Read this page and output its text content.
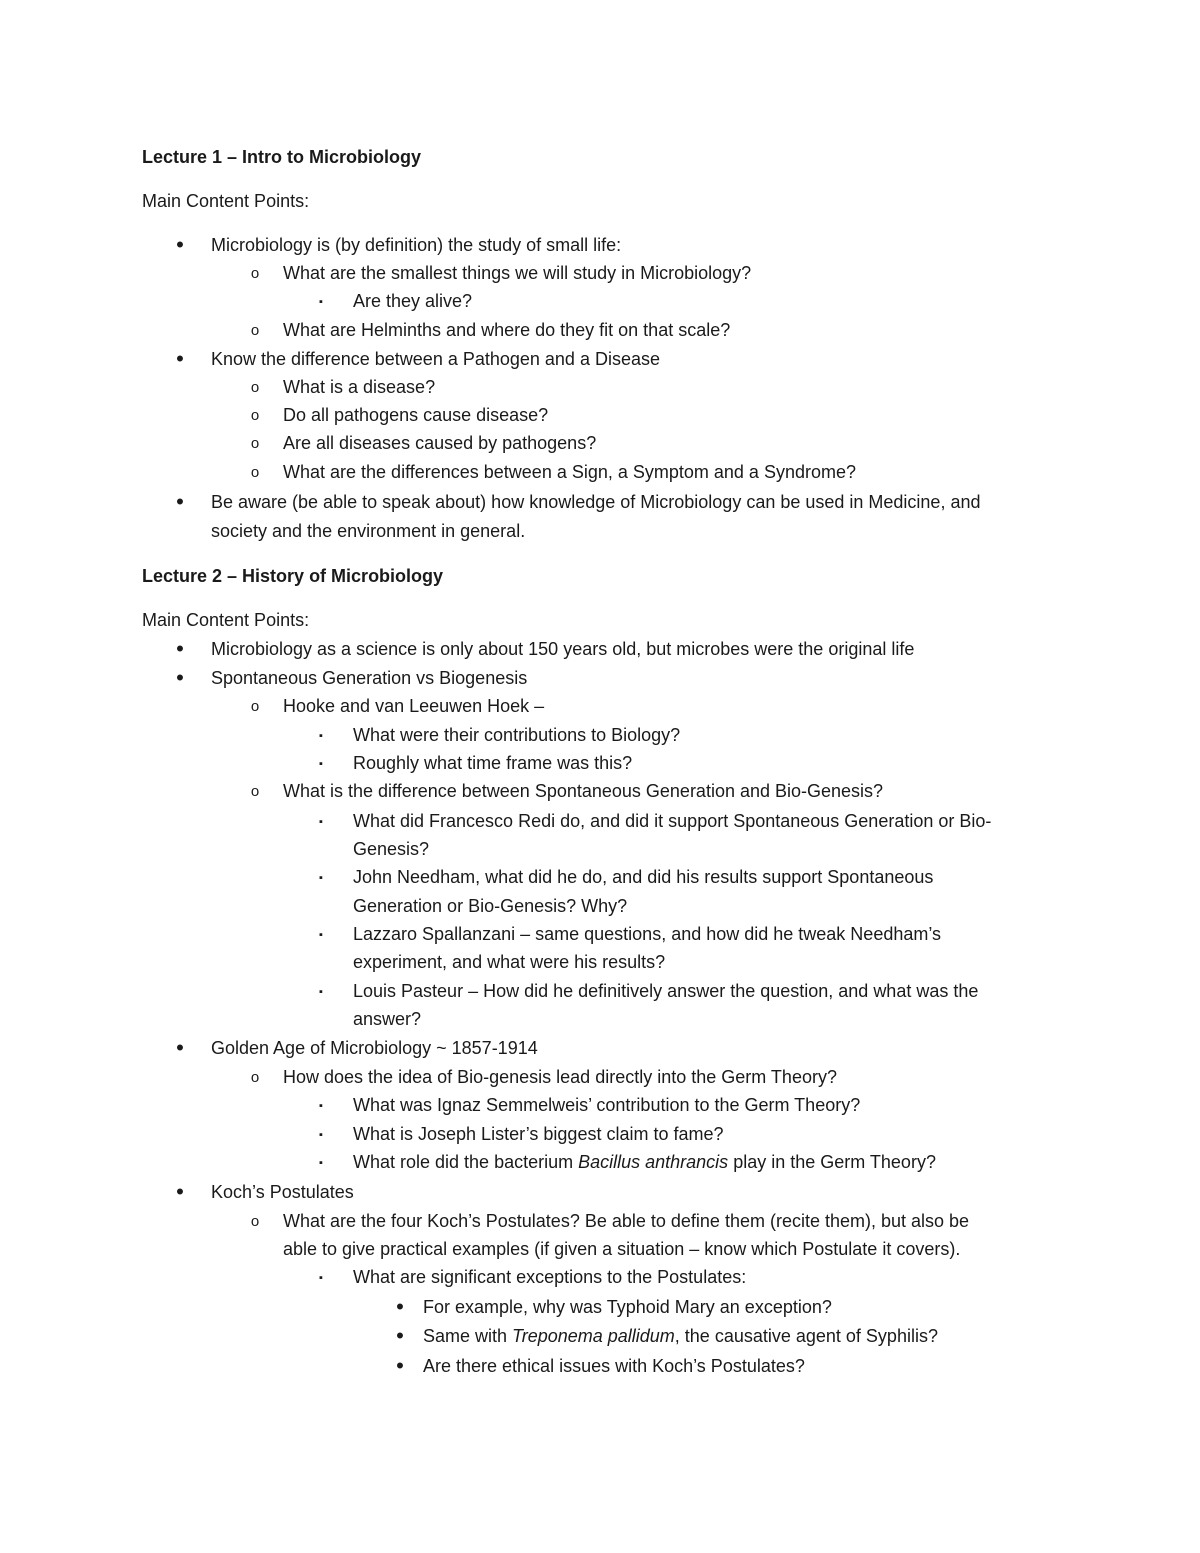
Lecture 1 – Intro to Microbiology
Main Content Points:
•	Microbiology is (by definition) the study of small life:
o	What are the smallest things we will study in Microbiology?
▪	Are they alive?
o	What are Helminths and where do they fit on that scale?
•	Know the difference between a Pathogen and a Disease
o	What is a disease?
o	Do all pathogens cause disease?
o	Are all diseases caused by pathogens?
o	What are the differences between a Sign, a Symptom and a Syndrome?
•	Be aware (be able to speak about) how knowledge of Microbiology can be used in Medicine, and
society and the environment in general.
Lecture 2 – History of Microbiology
Main Content Points:
•	Microbiology as a science is only about 150 years old, but microbes were the original life
•	Spontaneous Generation vs Biogenesis
o	Hooke and van Leeuwen Hoek –
▪	What were their contributions to Biology?
▪	Roughly what time frame was this?
o	What is the difference between Spontaneous Generation and Bio-Genesis?
▪	What did Francesco Redi do, and did it support Spontaneous Generation or Bio-
Genesis?
▪	John Needham, what did he do, and did his results support Spontaneous
Generation or Bio-Genesis? Why?
▪	Lazzaro Spallanzani – same questions, and how did he tweak Needham’s
experiment, and what were his results?
▪	Louis Pasteur – How did he definitively answer the question, and what was the
answer?
•	Golden Age of Microbiology ~ 1857-1914
o	How does the idea of Bio-genesis lead directly into the Germ Theory?
▪	What was Ignaz Semmelweis’ contribution to the Germ Theory?
▪	What is Joseph Lister’s biggest claim to fame?
▪	What role did the bacterium Bacillus anthrancis play in the Germ Theory?
•	Koch’s Postulates
o	What are the four Koch’s Postulates? Be able to define them (recite them), but also be
able to give practical examples (if given a situation – know which Postulate it covers).
▪	What are significant exceptions to the Postulates:
•	For example, why was Typhoid Mary an exception?
•	Same with Treponema pallidum, the causative agent of Syphilis?
•	Are there ethical issues with Koch’s Postulates?
